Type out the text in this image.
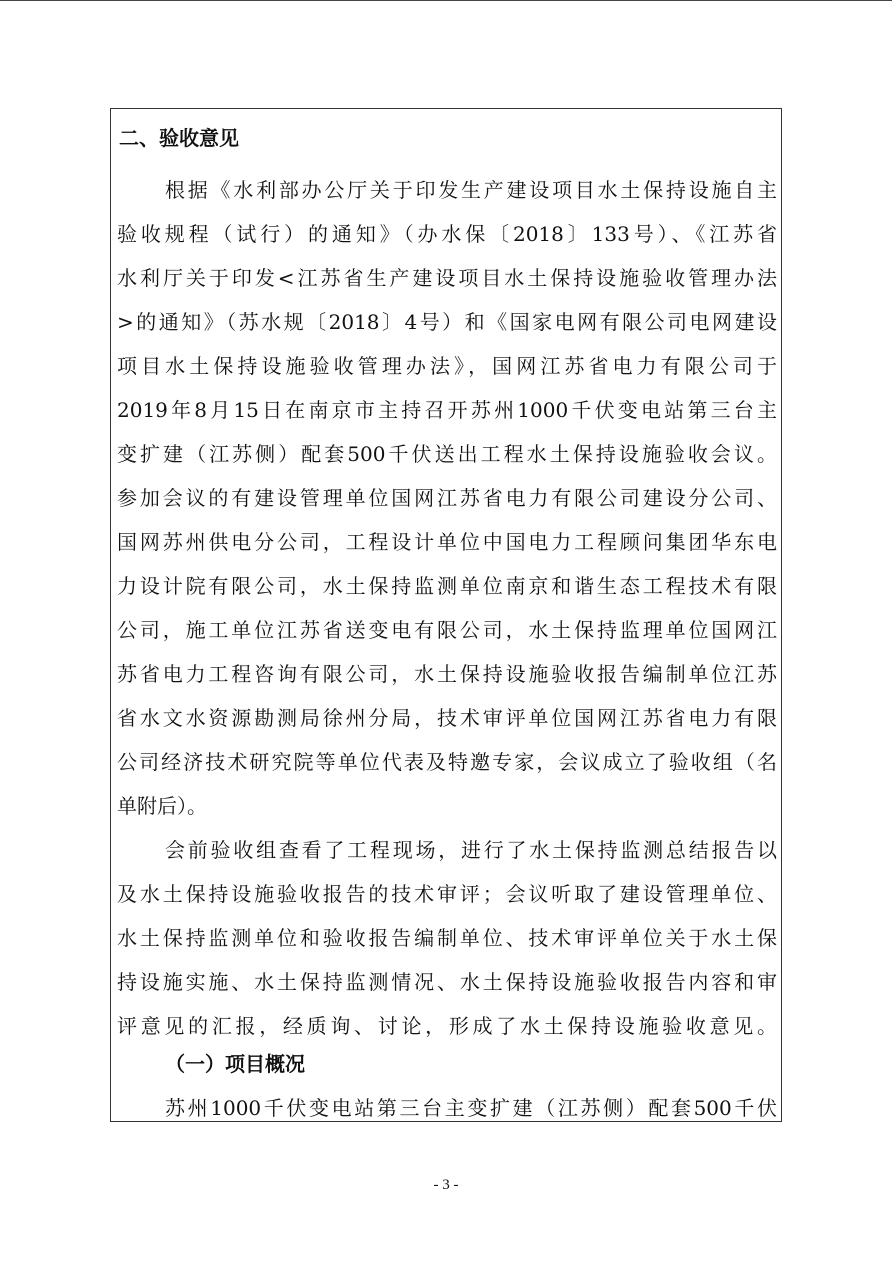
二、验收意见
根据《水利部办公厅关于印发生产建设项目水土保持设施自主
验收规程（试行）的通知》（办水保〔2018〕133号）、《江苏省
水利厅关于印发<江苏省生产建设项目水土保持设施验收管理办法
>的通知》（苏水规〔2018〕4号）和《国家电网有限公司电网建设
项目水土保持设施验收管理办法》，国网江苏省电力有限公司于
2019年8月15日在南京市主持召开苏州1000千伏变电站第三台主
变扩建（江苏侧）配套500千伏送出工程水土保持设施验收会议。
参加会议的有建设管理单位国网江苏省电力有限公司建设分公司、
国网苏州供电分公司，工程设计单位中国电力工程顾问集团华东电
力设计院有限公司，水土保持监测单位南京和谐生态工程技术有限
公司，施工单位江苏省送变电有限公司，水土保持监理单位国网江
苏省电力工程咨询有限公司，水土保持设施验收报告编制单位江苏
省水文水资源勘测局徐州分局，技术审评单位国网江苏省电力有限
公司经济技术研究院等单位代表及特邀专家，会议成立了验收组（名
单附后）。
会前验收组查看了工程现场，进行了水土保持监测总结报告以
及水土保持设施验收报告的技术审评；会议听取了建设管理单位、
水土保持监测单位和验收报告编制单位、技术审评单位关于水土保
持设施实施、水土保持监测情况、水土保持设施验收报告内容和审
评意见的汇报，经质询、讨论，形成了水土保持设施验收意见。
（一）项目概况
苏州1000千伏变电站第三台主变扩建（江苏侧）配套500千伏
- 3 -
